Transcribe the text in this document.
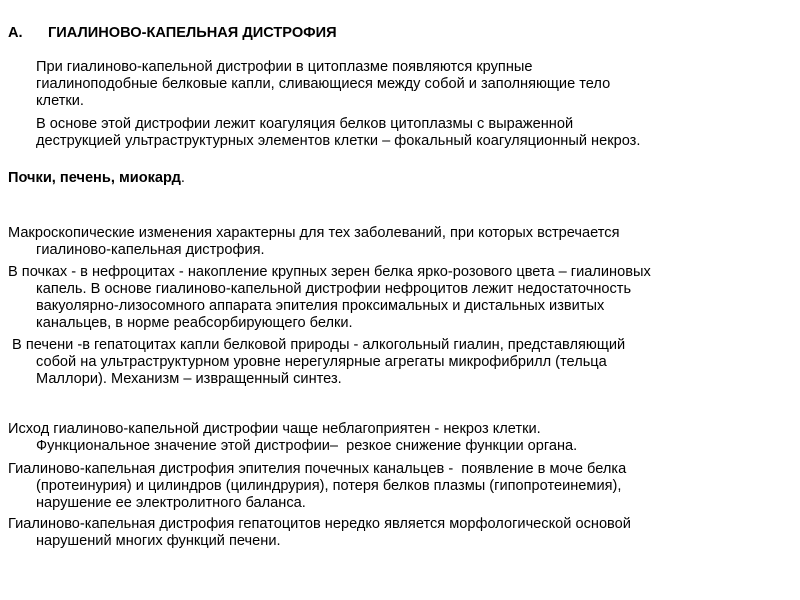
A. ГИАЛИНОВО-КАПЕЛЬНАЯ ДИСТРОФИЯ

При гиалиново-капельной дистрофии в цитоплазме появляются крупные
гиалиноподобные белковые капли, сливающиеся между собой и заполняющие тело
клетки.

В основе этой дистрофии лежит коагуляция белков цитоплазмы с выраженной
деструкцией ультраструктурных элементов клетки – фокальный коагуляционный некроз.

Почки, печень, миокард.

Макроскопические изменения характерны для тех заболеваний, при которых встречается
гиалиново-капельная дистрофия.

В почках - в нефроцитах - накопление крупных зерен белка ярко-розового цвета – гиалиновых
капель. В основе гиалиново-капельной дистрофии нефроцитов лежит недостаточность
вакуолярно-лизосомного аппарата эпителия проксимальных и дистальных извитых
канальцев, в норме реабсорбирующего белки.

В печени -в гепатоцитах капли белковой природы - алкогольный гиалин, представляющий
собой на ультраструктурном уровне нерегулярные агрегаты микрофибрилл (тельца
Маллори). Механизм – извращенный синтез.

Исход гиалиново-капельной дистрофии чаще неблагоприятен - некроз клетки.
Функциональное значение этой дистрофии–  резкое снижение функции органа.

Гиалиново-капельная дистрофия эпителия почечных канальцев -  появление в моче белка
(протеинурия) и цилиндров (цилиндрурия), потеря белков плазмы (гипопротеинемия),
нарушение ее электролитного баланса.

Гиалиново-капельная дистрофия гепатоцитов нередко является морфологической основой
нарушений многих функций печени.
